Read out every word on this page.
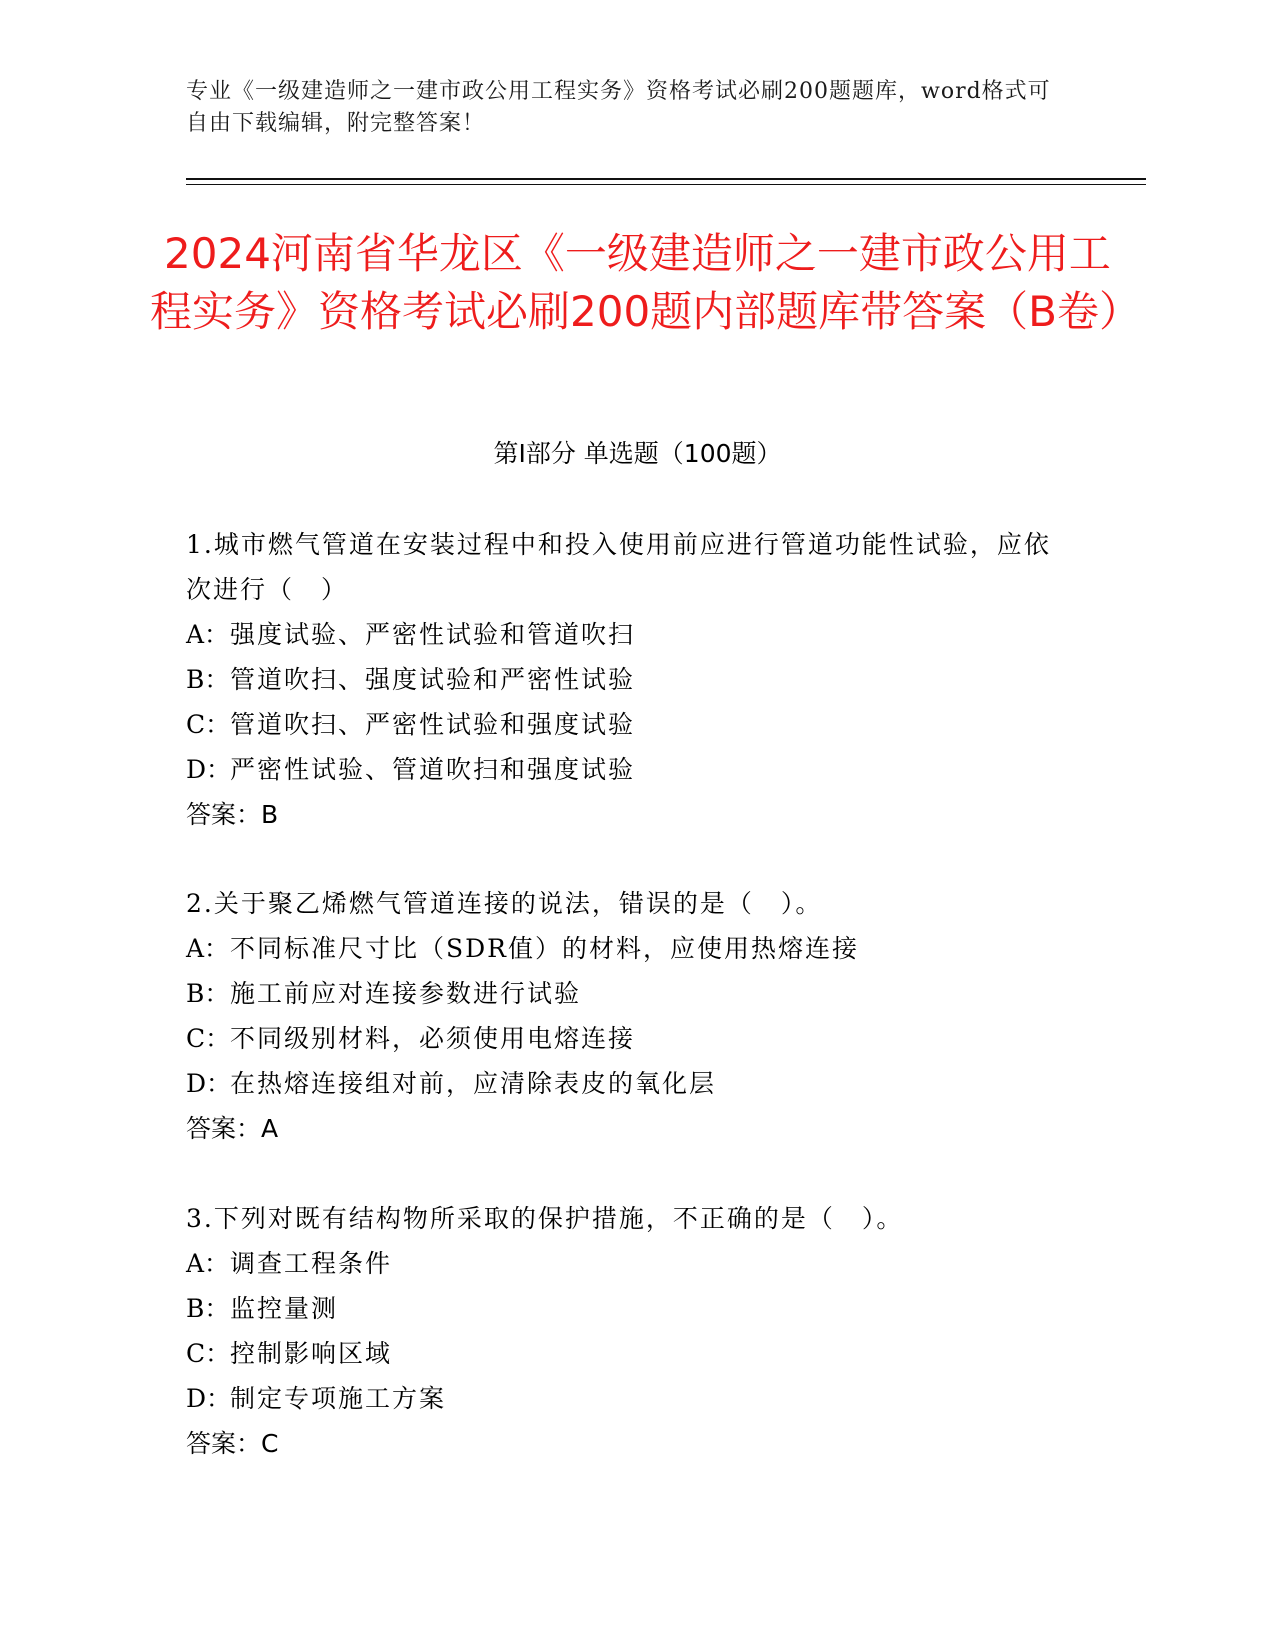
专业《一级建造师之一建市政公用工程实务》资格考试必刷200题题库，word格式可自由下载编辑，附完整答案！
2024河南省华龙区《一级建造师之一建市政公用工程实务》资格考试必刷200题内部题库带答案（B卷）
第I部分 单选题（100题）
1.城市燃气管道在安装过程中和投入使用前应进行管道功能性试验，应依次进行（　）
A：强度试验、严密性试验和管道吹扫
B：管道吹扫、强度试验和严密性试验
C：管道吹扫、严密性试验和强度试验
D：严密性试验、管道吹扫和强度试验
答案：B
2.关于聚乙烯燃气管道连接的说法，错误的是（　）。
A：不同标准尺寸比（SDR值）的材料，应使用热熔连接
B：施工前应对连接参数进行试验
C：不同级别材料，必须使用电熔连接
D：在热熔连接组对前，应清除表皮的氧化层
答案：A
3.下列对既有结构物所采取的保护措施，不正确的是（　）。
A：调查工程条件
B：监控量测
C：控制影响区域
D：制定专项施工方案
答案：C
